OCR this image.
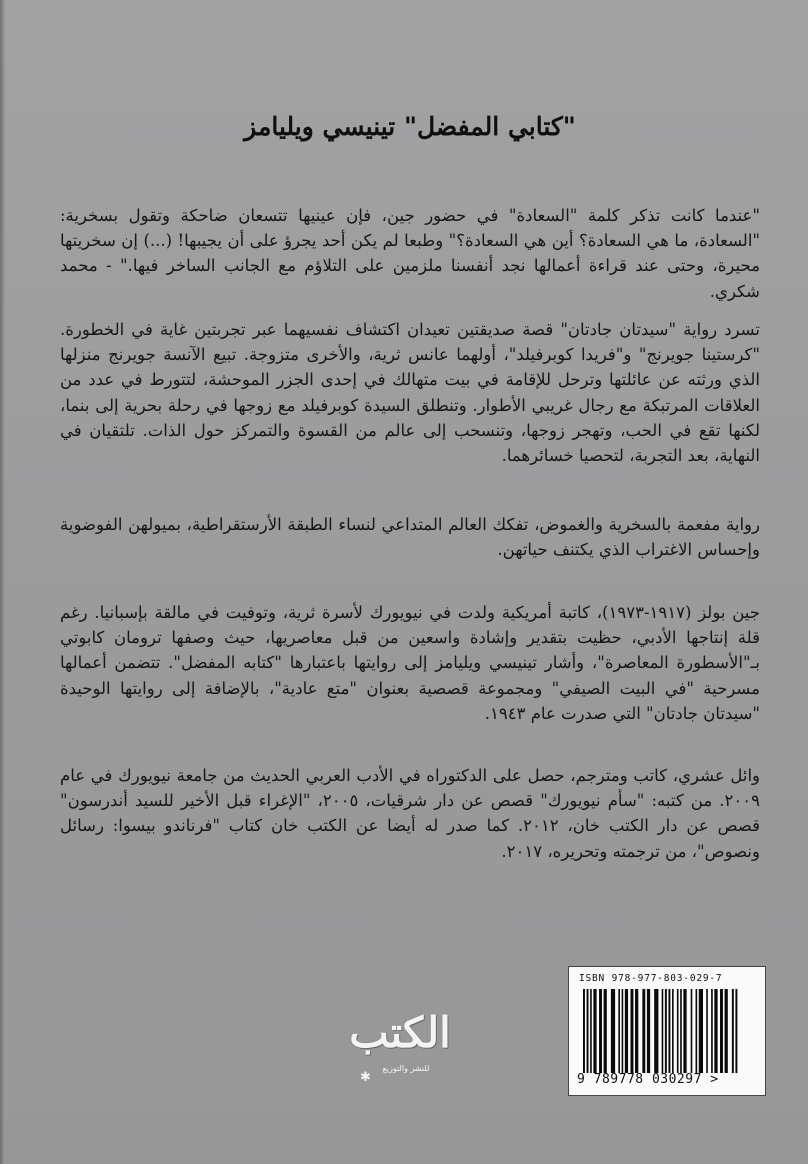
"كتابي المفضل" تينيسي ويليامز
"عندما كانت تذكر كلمة "السعادة" في حضور جين، فإن عينيها تتسعان ضاحكة وتقول بسخرية: "السعادة، ما هي السعادة؟ أين هي السعادة؟" وطبعا لم يكن أحد يجرؤ على أن يجيبها! (...) إن سخريتها محيرة، وحتى عند قراءة أعمالها نجد أنفسنا ملزمين على التلاؤم مع الجانب الساخر فيها." - محمد شكري.
تسرد رواية "سيدتان جادتان" قصة صديقتين تعيدان اكتشاف نفسيهما عبر تجربتين غاية في الخطورة. "كرستينا جويرنج" و"فريدا كوبرفيلد"، أولهما عانس ثرية، والأخرى متزوجة. تبيع الآنسة جويرنج منزلها الذي ورثته عن عائلتها وترحل للإقامة في بيت متهالك في إحدى الجزر الموحشة، لتتورط في عدد من العلاقات المرتبكة مع رجال غريبي الأطوار. وتنطلق السيدة كوبرفيلد مع زوجها في رحلة بحرية إلى بنما، لكنها تقع في الحب، وتهجر زوجها، وتنسحب إلى عالم من القسوة والتمركز حول الذات. تلتقيان في النهاية، بعد التجربة، لتحصيا خسائرهما.
رواية مفعمة بالسخرية والغموض، تفكك العالم المتداعي لنساء الطبقة الأرستقراطية، بميولهن الفوضوية وإحساس الاغتراب الذي يكتنف حياتهن.
جين بولز (١٩١٧-١٩٧٣)، كاتبة أمريكية ولدت في نيويورك لأسرة ثرية، وتوفيت في مالقة بإسبانيا. رغم قلة إنتاجها الأدبي، حظيت بتقدير وإشادة واسعين من قبل معاصريها، حيث وصفها ترومان كابوتي بـ"الأسطورة المعاصرة"، وأشار تينيسي ويليامز إلى روايتها باعتبارها "كتابه المفضل". تتضمن أعمالها مسرحية "في البيت الصيفي" ومجموعة قصصية بعنوان "متع عادية"، بالإضافة إلى روايتها الوحيدة "سيدتان جادتان" التي صدرت عام ١٩٤٣.
وائل عشري، كاتب ومترجم، حصل على الدكتوراه في الأدب العربي الحديث من جامعة نيويورك في عام ٢٠٠٩. من كتبه: "سأم نيويورك" قصص عن دار شرقيات، ٢٠٠٥، "الإغراء قبل الأخير للسيد أندرسون" قصص عن دار الكتب خان، ٢٠١٢. كما صدر له أيضا عن الكتب خان كتاب "فرناندو بيسوا: رسائل ونصوص"، من ترجمته وتحريره، ٢٠١٧.
الكتب
للنشر والتوزيع
✱
ISBN 978-977-803-029-7
9 789778 030297 >
